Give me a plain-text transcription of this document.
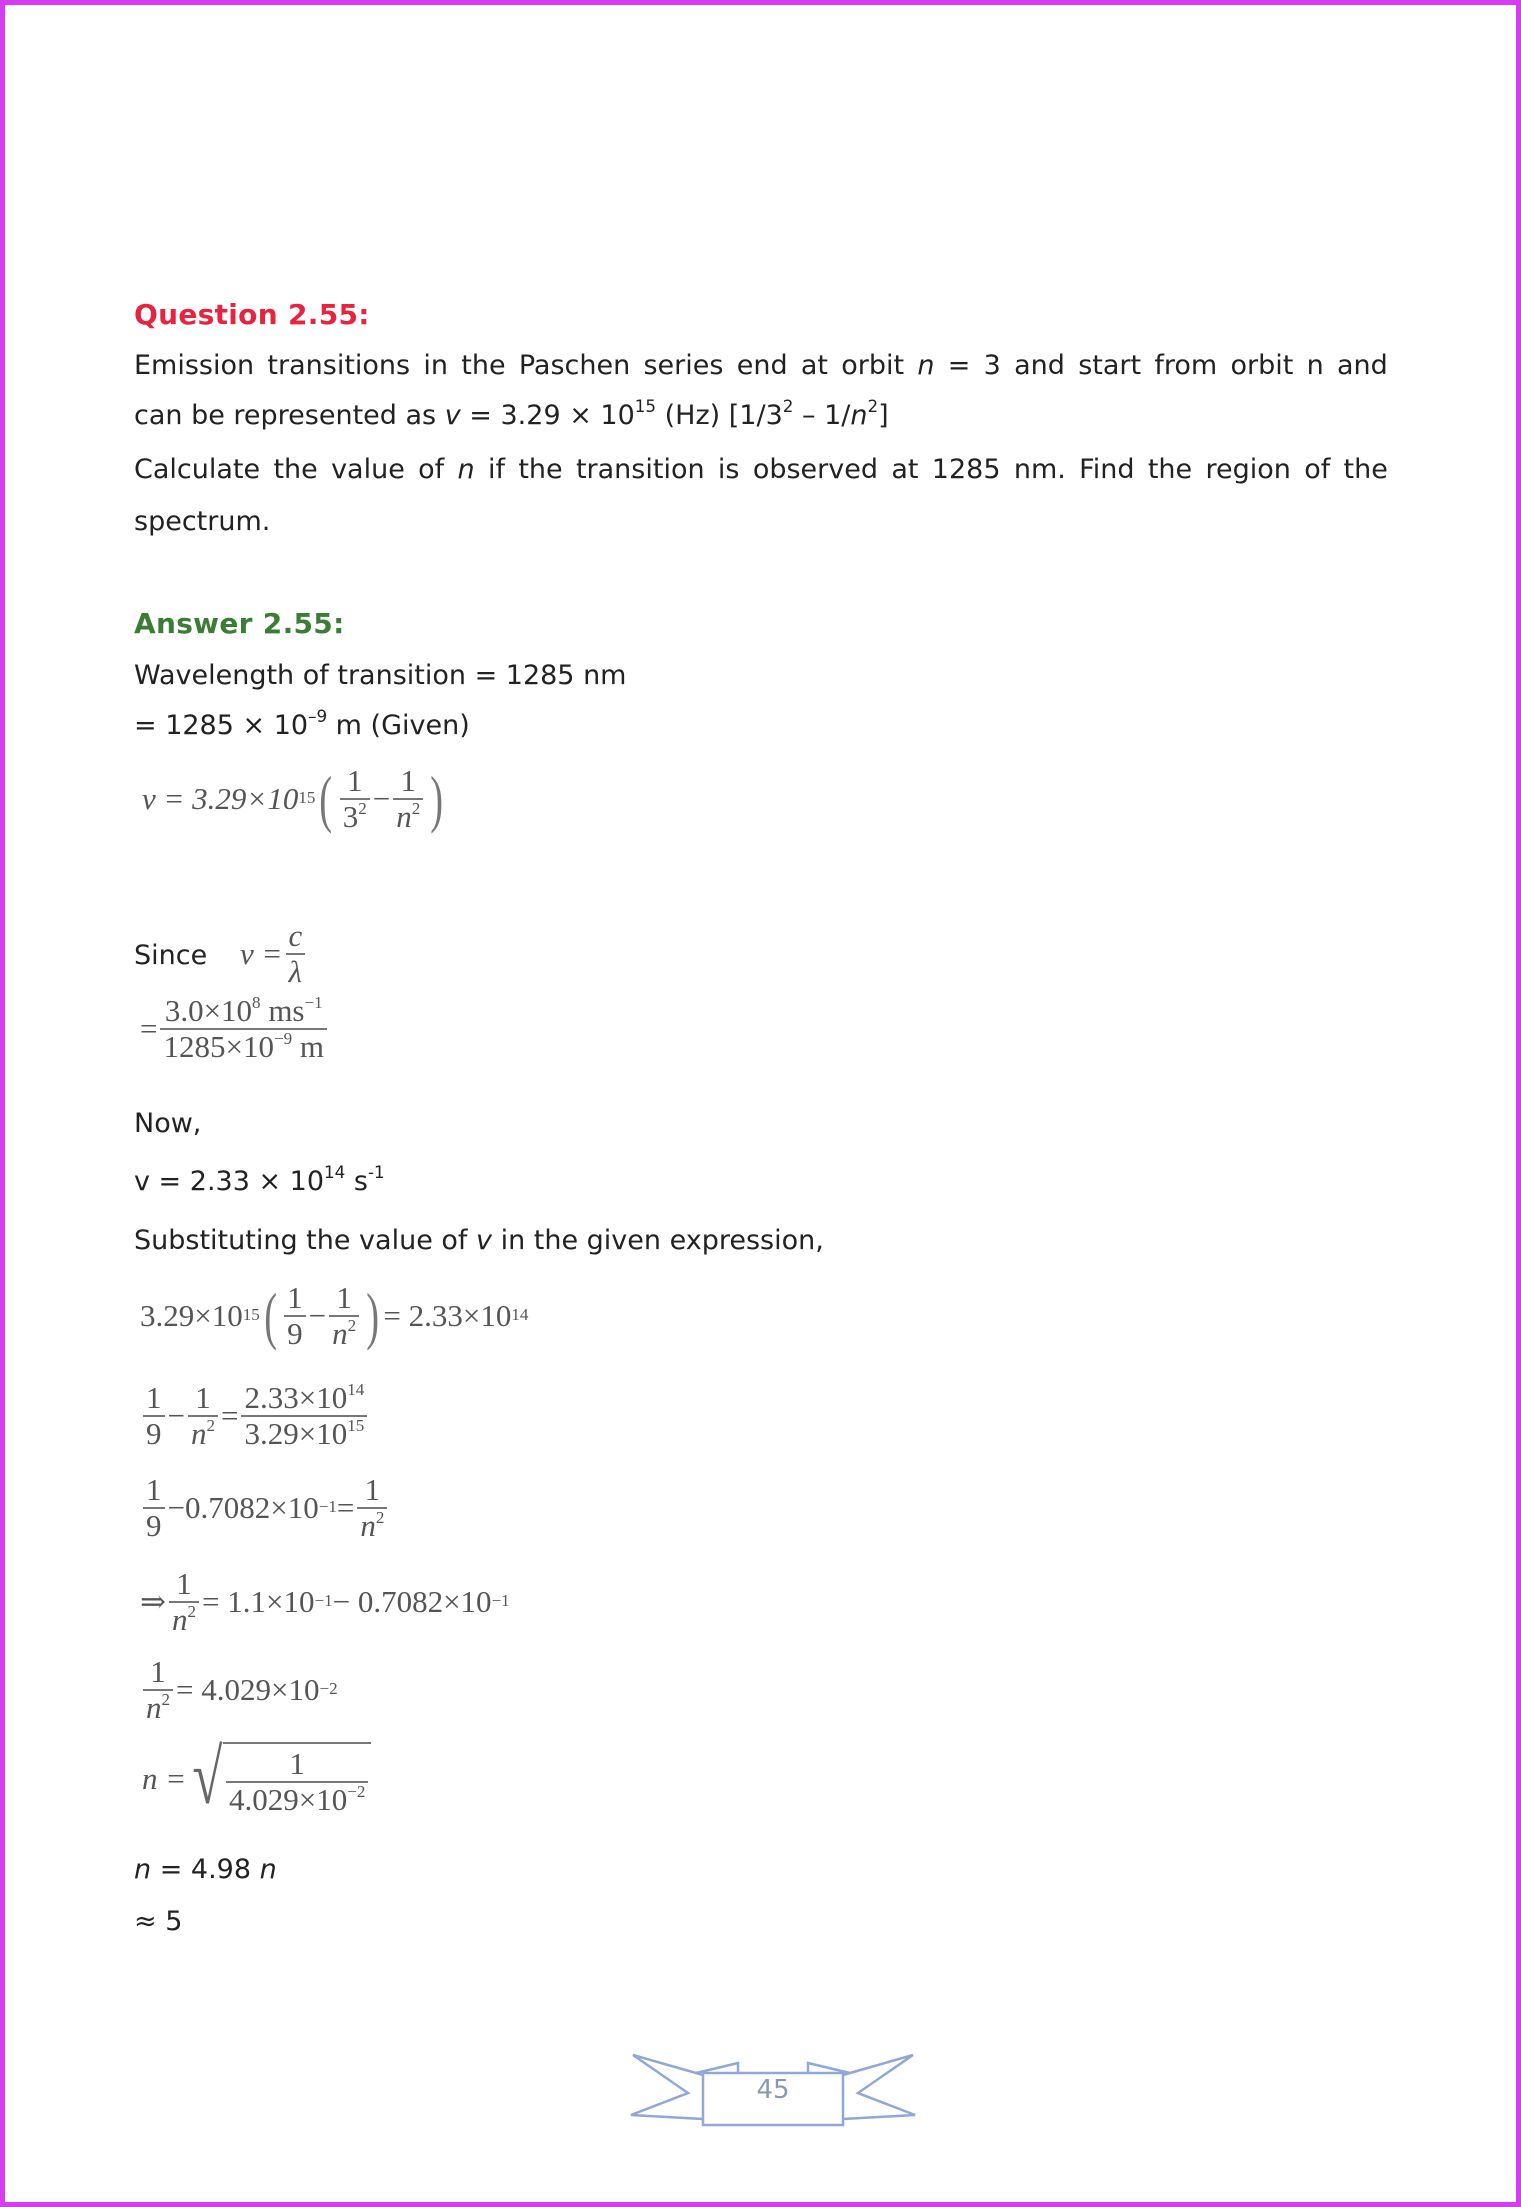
Question 2.55:
Emission transitions in the Paschen series end at orbit n = 3 and start from orbit n and
can be represented as $v = 3.29 \times 10^{15}$ (Hz) $[1/3^2 - 1/n^2]$
Calculate the value of n if the transition is observed at 1285 nm. Find the region of the
spectrum.
Answer 2.55:
Wavelength of transition = 1285 nm
= $1285 \times 10^{-9}$ m (Given)
$\nu = 3.29\times 10^{15}$ ( $\frac{1}{3^2} - \frac{1}{n^2}$ )
Since $\nu = \frac{c}{\lambda}$
= $\frac{3.0\times 10^8 ms^{-1}}{1285\times 10^{-9} m}$
Now,
$v = 2.33 \times 10^{14}$ $s^{-1}$
Substituting the value of v in the given expression,
$3.29\times 10^{15}$ ( $\frac{1}{9} - \frac{1}{n^2}$ ) = $2.33\times 10^{14}$
$\frac{1}{9} - \frac{1}{n^2} = \frac{2.33\times 10^{14}}{3.29\times 10^{15}}$
$\frac{1}{9} -0.7082\times 10^{-1} = \frac{1}{n^2}$
⇒ $\frac{1}{n^2} = 1.1\times 10^{-1} - 0.7082\times 10^{-1}$
$\frac{1}{n^2} = 4.029\times 10^{-2}$
n = √ $\frac{1}{4.029\times 10^{-2}}$
n = 4.98 n
≈ 5
45
